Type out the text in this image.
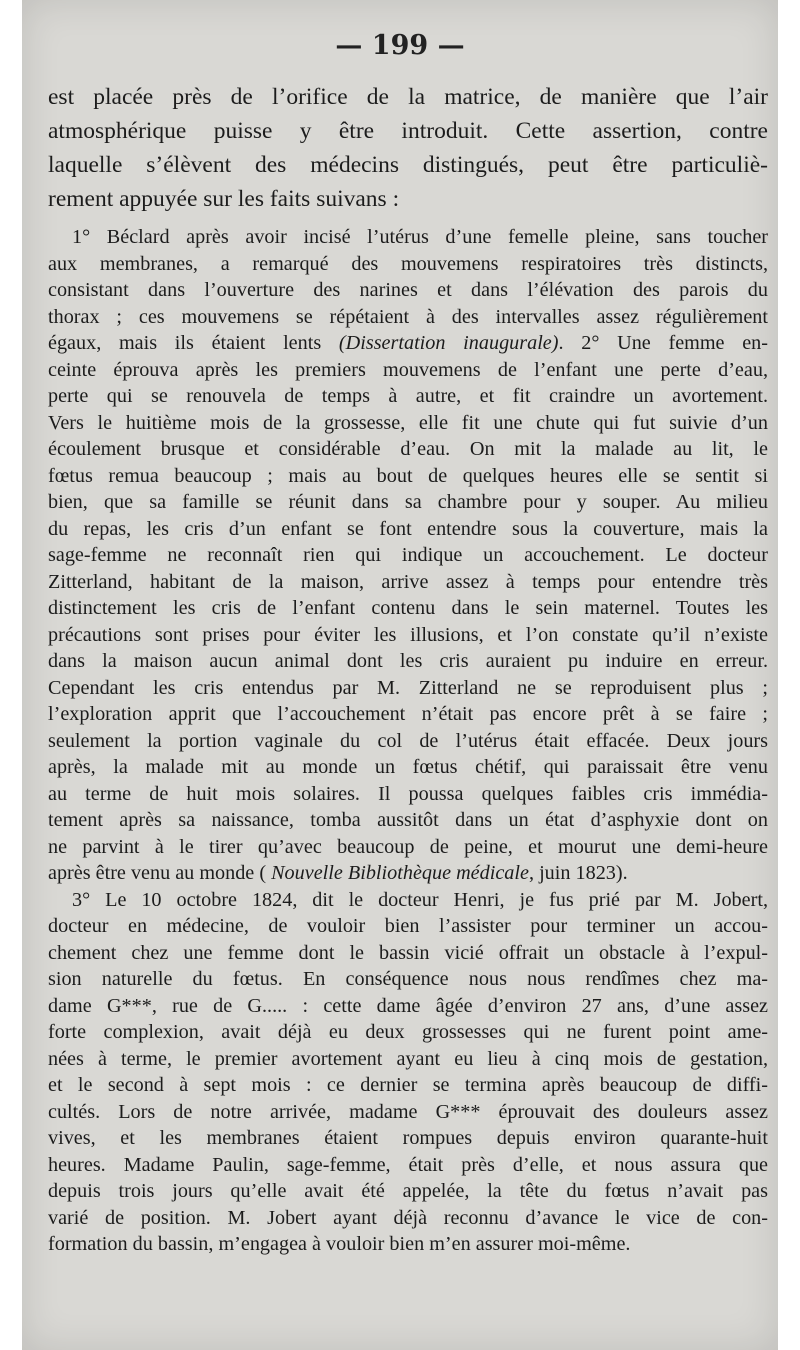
— 199 —
est placée près de l’orifice de la matrice, de manière que l’air
atmosphérique puisse y être introduit. Cette assertion, contre
laquelle s’élèvent des médecins distingués, peut être particuliè-
rement appuyée sur les faits suivans :
1° Béclard après avoir incisé l’utérus d’une femelle pleine, sans toucher
aux membranes, a remarqué des mouvemens respiratoires très distincts,
consistant dans l’ouverture des narines et dans l’élévation des parois du
thorax ; ces mouvemens se répétaient à des intervalles assez régulièrement
égaux, mais ils étaient lents (Dissertation inaugurale). 2° Une femme en-
ceinte éprouva après les premiers mouvemens de l’enfant une perte d’eau,
perte qui se renouvela de temps à autre, et fit craindre un avortement.
Vers le huitième mois de la grossesse, elle fit une chute qui fut suivie d’un
écoulement brusque et considérable d’eau. On mit la malade au lit, le
fœtus remua beaucoup ; mais au bout de quelques heures elle se sentit si
bien, que sa famille se réunit dans sa chambre pour y souper. Au milieu
du repas, les cris d’un enfant se font entendre sous la couverture, mais la
sage-femme ne reconnaît rien qui indique un accouchement. Le docteur
Zitterland, habitant de la maison, arrive assez à temps pour entendre très
distinctement les cris de l’enfant contenu dans le sein maternel. Toutes les
précautions sont prises pour éviter les illusions, et l’on constate qu’il n’existe
dans la maison aucun animal dont les cris auraient pu induire en erreur.
Cependant les cris entendus par M. Zitterland ne se reproduisent plus ;
l’exploration apprit que l’accouchement n’était pas encore prêt à se faire ;
seulement la portion vaginale du col de l’utérus était effacée. Deux jours
après, la malade mit au monde un fœtus chétif, qui paraissait être venu
au terme de huit mois solaires. Il poussa quelques faibles cris immédia-
tement après sa naissance, tomba aussitôt dans un état d’asphyxie dont on
ne parvint à le tirer qu’avec beaucoup de peine, et mourut une demi-heure
après être venu au monde ( Nouvelle Bibliothèque médicale, juin 1823).
3° Le 10 octobre 1824, dit le docteur Henri, je fus prié par M. Jobert,
docteur en médecine, de vouloir bien l’assister pour terminer un accou-
chement chez une femme dont le bassin vicié offrait un obstacle à l’expul-
sion naturelle du fœtus. En conséquence nous nous rendîmes chez ma-
dame G***, rue de G..... : cette dame âgée d’environ 27 ans, d’une assez
forte complexion, avait déjà eu deux grossesses qui ne furent point ame-
nées à terme, le premier avortement ayant eu lieu à cinq mois de gestation,
et le second à sept mois : ce dernier se termina après beaucoup de diffi-
cultés. Lors de notre arrivée, madame G*** éprouvait des douleurs assez
vives, et les membranes étaient rompues depuis environ quarante-huit
heures. Madame Paulin, sage-femme, était près d’elle, et nous assura que
depuis trois jours qu’elle avait été appelée, la tête du fœtus n’avait pas
varié de position. M. Jobert ayant déjà reconnu d’avance le vice de con-
formation du bassin, m’engagea à vouloir bien m’en assurer moi-même.
